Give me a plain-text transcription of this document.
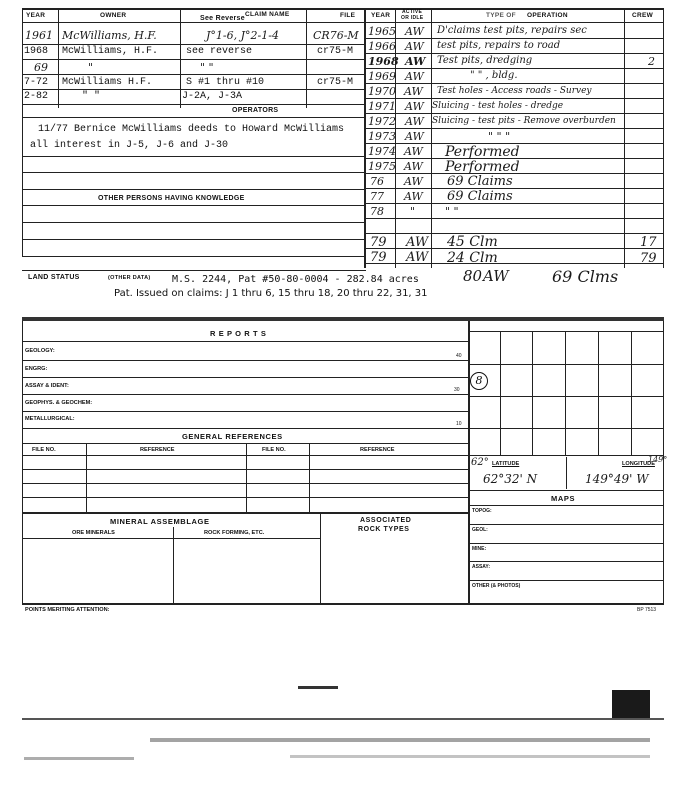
YEAR	OWNER	See Reverse
CLAIM NAME	FILE YEAR ACTIVE
OR IDLE	TYPE OF OPERATION	CREW
1961 McWilliams, H.F.	J°1-6, J°2-1-4	CR76-M
1968 McWilliams, H.F.	see reverse	cr75-M
69	"	" "
7-72 McWilliams H.F.	S #1 thru #10	cr75-M
2-82	" "	J-2A, J-3A
OPERATORS
11/77 Bernice McWilliams deeds to Howard McWilliams
all interest in J-5, J-6 and J-30
OTHER PERSONS HAVING KNOWLEDGE
1965 AW D'claims test pits, repairs sec
1966 AW test pits, repairs to road
1968 AW Test pits, dredging	2
1969 AW	" " , bldg.
1970 AW Test holes - Access roads - Survey
1971 AW Sluicing - test holes - dredge
1972 AW Sluicing - test pits - Remove overburden
1973 AW	" " "
1974 AW Performed
1975 AW Performed
76 AW 69 Claims
77 AW 69 Claims
78 "	" "
79 AW 45 Clm	17
79 AW 24 Clm	79
80 AW	69 Clms
LAND STATUS	(OTHER DATA) M.S. 2244, Pat #50-80-0004 - 282.84 acres
Pat. Issued on claims: J 1 thru 6, 15 thru 18, 20 thru 22, 31, 31
R E P O R T S
GEOLOGY:
40
ENGRG:
ASSAY & IDENT:
30
GEOPHYS. & GEOCHEM:
METALLURGICAL:
10
GENERAL REFERENCES
FILE NO.	REFERENCE	FILE NO.	REFERENCE
MINERAL ASSEMBLAGE
ORE MINERALS	ROCK FORMING, ETC.
ASSOCIATED
ROCK TYPES
8
62° LATITUDE	LONGITUDE
149°
62°32' N	149°49' W
MAPS
TOPOG:
GEOL:
MINE:
ASSAY:
OTHER (& PHOTOS)
POINTS MERITING ATTENTION:	BP 7513
